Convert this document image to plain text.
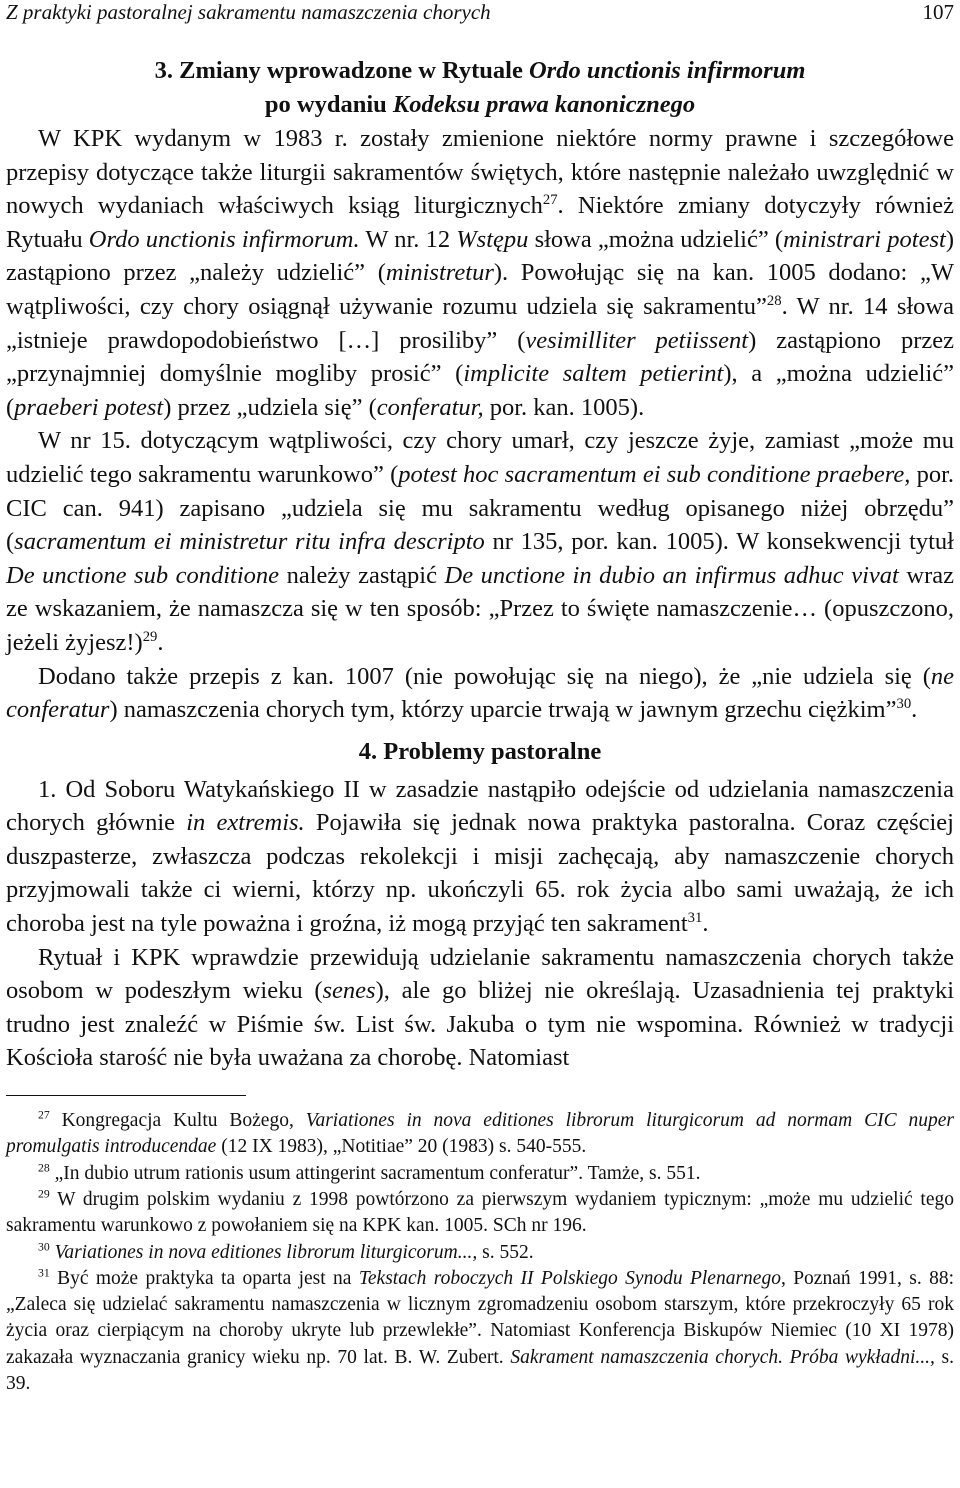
Z praktyki pastoralnej sakramentu namaszczenia chorych	107
3. Zmiany wprowadzone w Rytuale Ordo unctionis infirmorum
po wydaniu Kodeksu prawa kanonicznego

W KPK wydanym w 1983 r. zostały zmienione niektóre normy prawne i szczegółowe przepisy dotyczące także liturgii sakramentów świętych, które następnie należało uwzględnić w nowych wydaniach właściwych ksiąg liturgicznych$^{27}$. Niektóre zmiany dotyczyły również Rytuału Ordo unctionis infirmorum. W nr. 12 Wstępu słowa „można udzielić” (ministrari potest) zastąpiono przez „należy udzielić” (ministretur). Powołując się na kan. 1005 dodano: „W wątpliwości, czy chory osiągnął używanie rozumu udziela się sakramentu”$^{28}$. W nr. 14 słowa „istnieje prawdopodobieństwo […] prosiliby” (vesimilliter petiissent) zastąpiono przez „przynajmniej domyślnie mogliby prosić” (implicite saltem petierint), a „można udzielić” (praeberi potest) przez „udziela się” (conferatur, por. kan. 1005).

W nr 15. dotyczącym wątpliwości, czy chory umarł, czy jeszcze żyje, zamiast „może mu udzielić tego sakramentu warunkowo” (potest hoc sacramentum ei sub conditione praebere, por. CIC can. 941) zapisano „udziela się mu sakramentu według opisanego niżej obrzędu” (sacramentum ei ministretur ritu infra descripto nr 135, por. kan. 1005). W konsekwencji tytuł De unctione sub conditione należy zastąpić De unctione in dubio an infirmus adhuc vivat wraz ze wskazaniem, że namaszcza się w ten sposób: „Przez to święte namaszczenie… (opuszczono, jeżeli żyjesz!)$^{29}$.

Dodano także przepis z kan. 1007 (nie powołując się na niego), że „nie udziela się (ne conferatur) namaszczenia chorych tym, którzy uparcie trwają w jawnym grzechu ciężkim”$^{30}$.

4. Problemy pastoralne

1. Od Soboru Watykańskiego II w zasadzie nastąpiło odejście od udzielania namaszczenia chorych głównie in extremis. Pojawiła się jednak nowa praktyka pastoralna. Coraz częściej duszpasterze, zwłaszcza podczas rekolekcji i misji zachęcają, aby namaszczenie chorych przyjmowali także ci wierni, którzy np. ukończyli 65. rok życia albo sami uważają, że ich choroba jest na tyle poważna i groźna, iż mogą przyjąć ten sakrament$^{31}$.

Rytuał i KPK wprawdzie przewidują udzielanie sakramentu namaszczenia chorych także osobom w podeszłym wieku (senes), ale go bliżej nie określają. Uzasadnienia tej praktyki trudno jest znaleźć w Piśmie św. List św. Jakuba o tym nie wspomina. Również w tradycji Kościoła starość nie była uważana za chorobę. Natomiast

$^{27}$ Kongregacja Kultu Bożego, Variationes in nova editiones librorum liturgicorum ad normam CIC nuper promulgatis introducendae (12 IX 1983), „Notitiae” 20 (1983) s. 540-555.

$^{28}$ „In dubio utrum rationis usum attingerint sacramentum conferatur”. Tamże, s. 551.

$^{29}$ W drugim polskim wydaniu z 1998 powtórzono za pierwszym wydaniem typicznym: „może mu udzielić tego sakramentu warunkowo z powołaniem się na KPK kan. 1005. SCh nr 196.

$^{30}$ Variationes in nova editiones librorum liturgicorum..., s. 552.

$^{31}$ Być może praktyka ta oparta jest na Tekstach roboczych II Polskiego Synodu Plenarnego, Poznań 1991, s. 88: „Zaleca się udzielać sakramentu namaszczenia w licznym zgromadzeniu osobom starszym, które przekroczyły 65 rok życia oraz cierpiącym na choroby ukryte lub przewlekłe”. Natomiast Konferencja Biskupów Niemiec (10 XI 1978) zakazała wyznaczania granicy wieku np. 70 lat. B. W. Zubert. Sakrament namaszczenia chorych. Próba wykładni..., s. 39.
